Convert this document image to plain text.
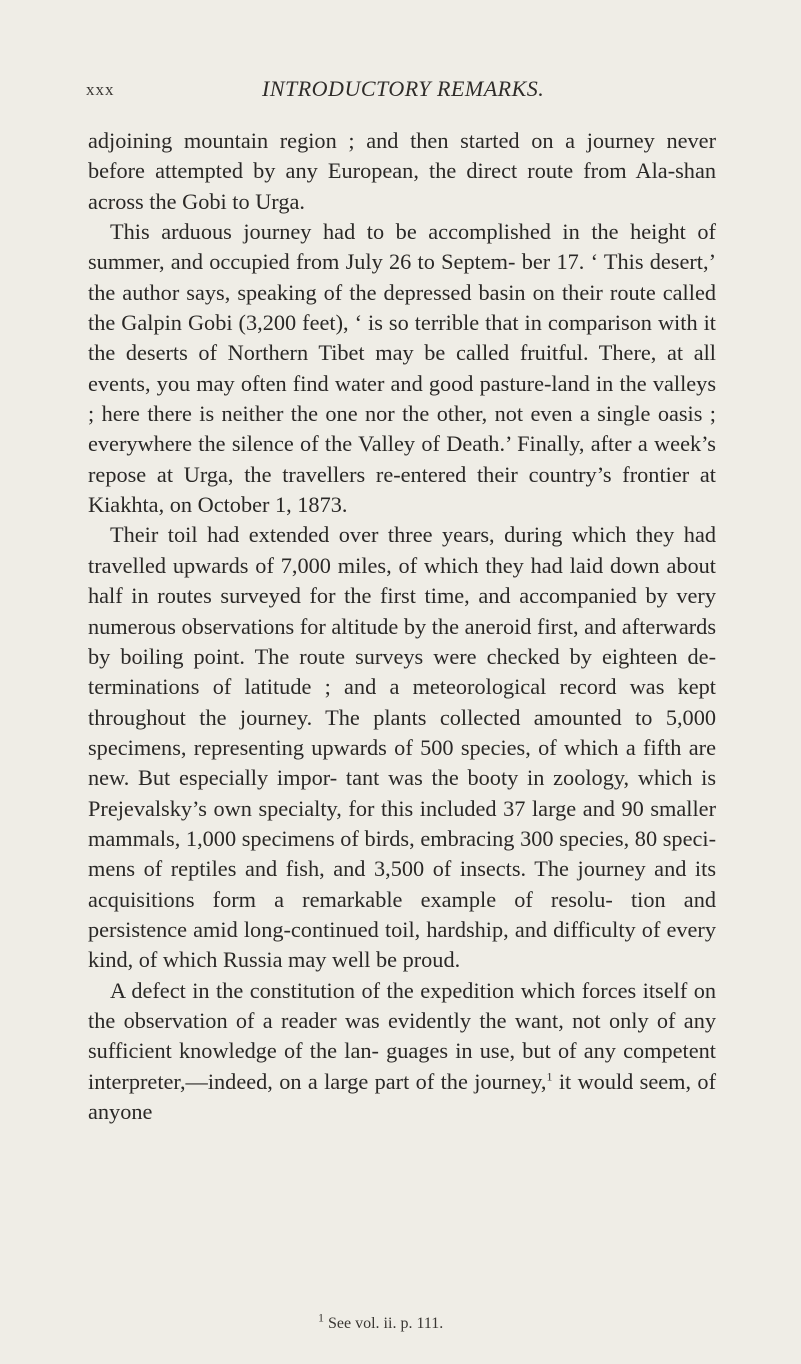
xxx	INTRODUCTORY REMARKS.

adjoining mountain region ; and then started on a journey never before attempted by any European, the direct route from Ala-shan across the Gobi to Urga.

This arduous journey had to be accomplished in the height of summer, and occupied from July 26 to Septem- ber 17. ‘ This desert,’ the author says, speaking of the depressed basin on their route called the Galpin Gobi (3,200 feet), ‘ is so terrible that in comparison with it the deserts of Northern Tibet may be called fruitful. There, at all events, you may often find water and good pasture-land in the valleys ; here there is neither the one nor the other, not even a single oasis ; everywhere the silence of the Valley of Death.’ Finally, after a week’s repose at Urga, the travellers re-entered their country’s frontier at Kiakhta, on October 1, 1873.

Their toil had extended over three years, during which they had travelled upwards of 7,000 miles, of which they had laid down about half in routes surveyed for the first time, and accompanied by very numerous observations for altitude by the aneroid first, and afterwards by boiling point. The route surveys were checked by eighteen de- terminations of latitude ; and a meteorological record was kept throughout the journey. The plants collected amounted to 5,000 specimens, representing upwards of 500 species, of which a fifth are new. But especially impor- tant was the booty in zoology, which is Prejevalsky’s own specialty, for this included 37 large and 90 smaller mammals, 1,000 specimens of birds, embracing 300 species, 80 speci- mens of reptiles and fish, and 3,500 of insects. The journey and its acquisitions form a remarkable example of resolu- tion and persistence amid long-continued toil, hardship, and difficulty of every kind, of which Russia may well be proud.

A defect in the constitution of the expedition which forces itself on the observation of a reader was evidently the want, not only of any sufficient knowledge of the lan- guages in use, but of any competent interpreter,—indeed, on a large part of the journey,$^1$ it would seem, of anyone

$^1$ See vol. ii. p. 111.
